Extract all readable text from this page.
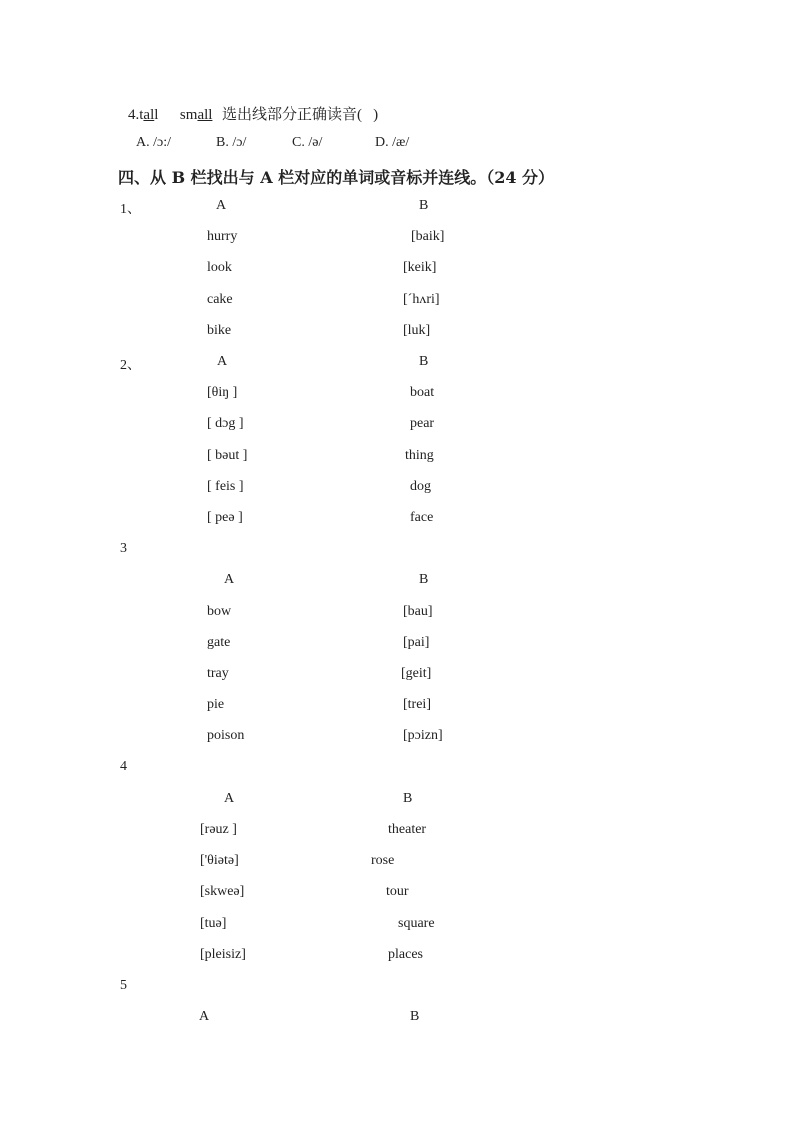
4.tall small 选出线部分正确读音(   )
A. /ɔ:/	B. /ɔ/	C. /ə/	D. /æ/
四、从 B 栏找出与 A 栏对应的单词或音标并连线。（24 分）
1、	A	B
hurry	[baik]
look	[keik]
cake	[ˊhʌri]
bike	[luk]
2、	A	B
[θiŋ ]	boat
[ dɔg ]	pear
[ bəut ]	thing
[ feis ]	dog
[ peə ]	face
3
A	B
bow	[bau]
gate	[pai]
tray	[geit]
pie	[trei]
poison	[pɔizn]
4
A	B
[rəuz ]	theater
['θiətə]	rose
[skweə]	tour
[tuə]	square
[pleisiz]	places
5
A	B
